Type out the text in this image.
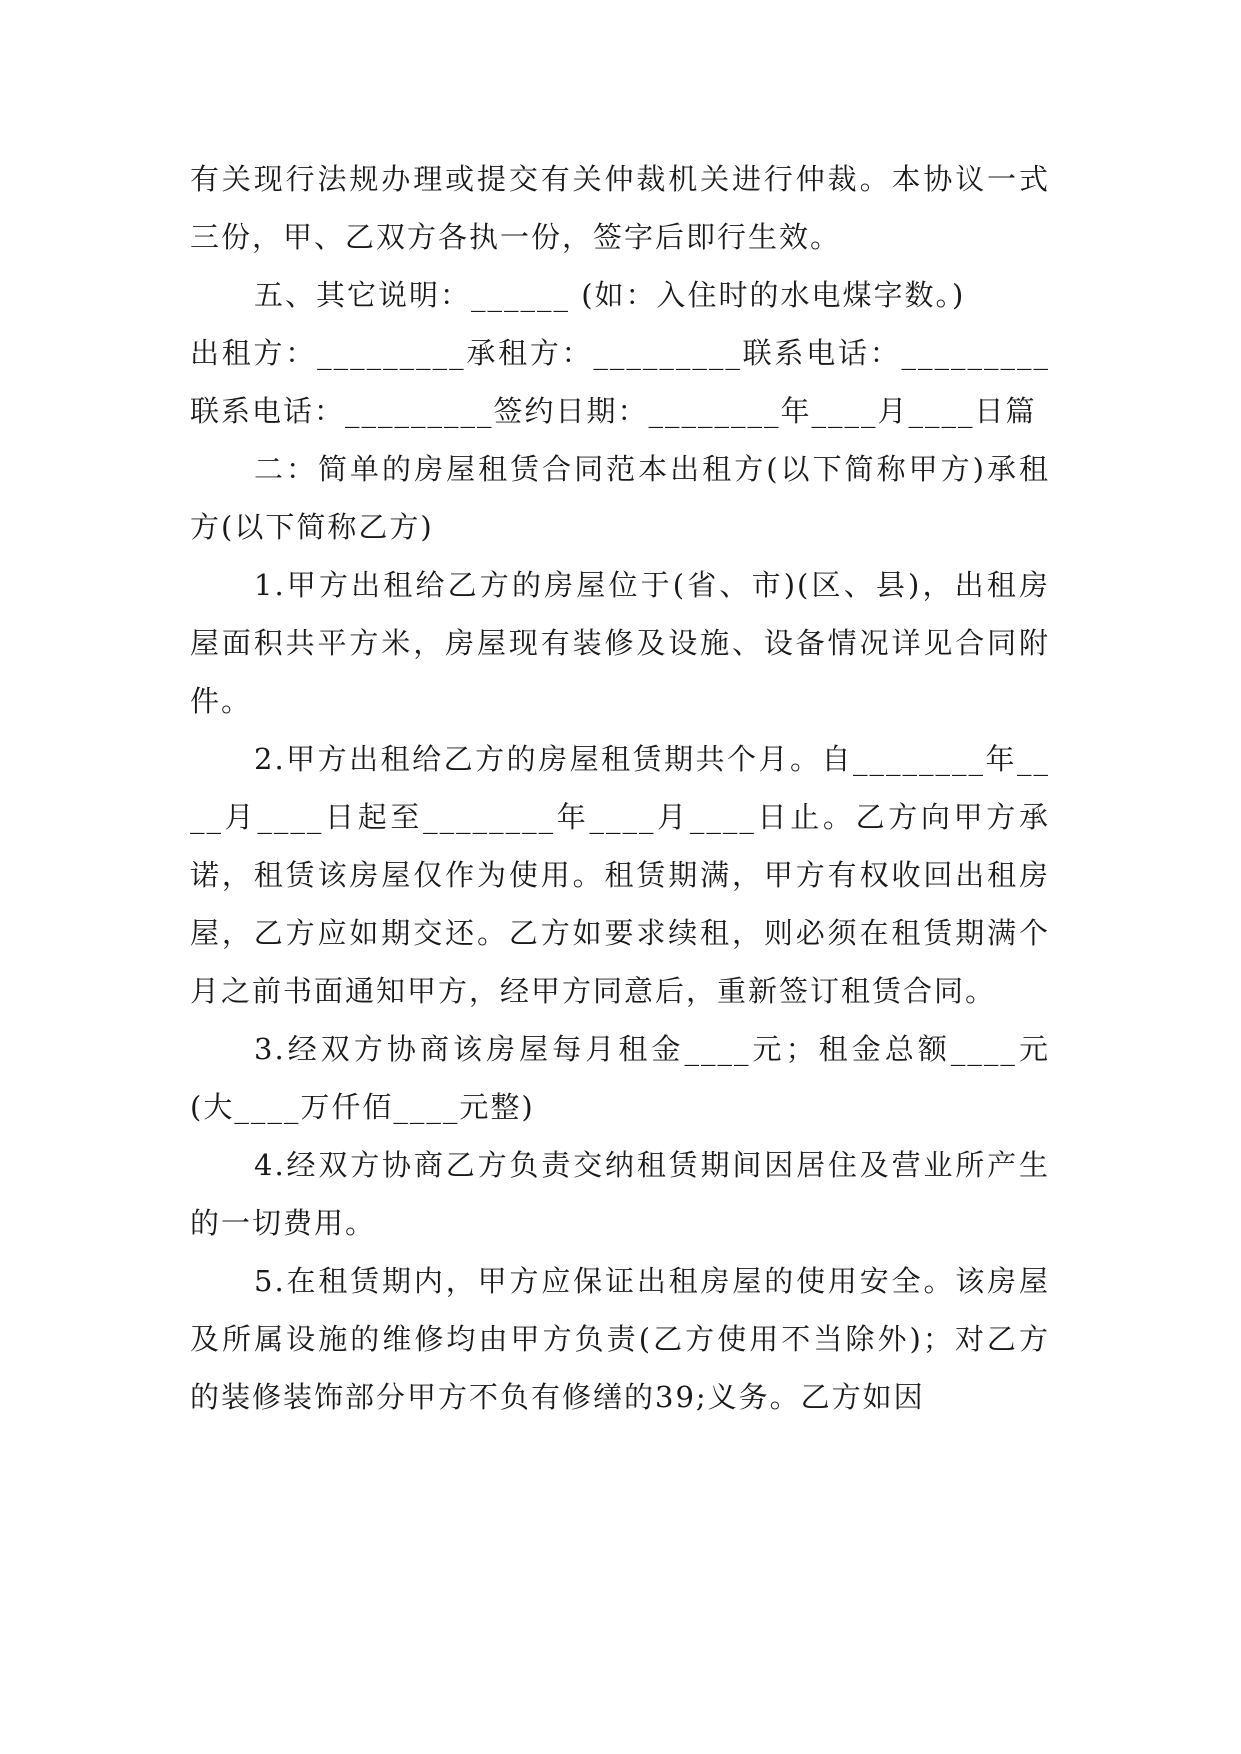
有关现行法规办理或提交有关仲裁机关进行仲裁。本协议一式三份，甲、乙双方各执一份，签字后即行生效。

五、其它说明：______ (如：入住时的水电煤字数。)

出租方：_________承租方：_________联系电话：_________联系电话：_________签约日期：________年____月____日篇

二：简单的房屋租赁合同范本出租方(以下简称甲方)承租方(以下简称乙方)

1.甲方出租给乙方的房屋位于(省、市)(区、县)，出租房屋面积共平方米，房屋现有装修及设施、设备情况详见合同附件。

2.甲方出租给乙方的房屋租赁期共个月。自________年____月____日起至________年____月____日止。乙方向甲方承诺，租赁该房屋仅作为使用。租赁期满，甲方有权收回出租房屋，乙方应如期交还。乙方如要求续租，则必须在租赁期满个月之前书面通知甲方，经甲方同意后，重新签订租赁合同。

3.经双方协商该房屋每月租金____元；租金总额____元(大____万仟佰____元整)

4.经双方协商乙方负责交纳租赁期间因居住及营业所产生的一切费用。

5.在租赁期内，甲方应保证出租房屋的使用安全。该房屋及所属设施的维修均由甲方负责(乙方使用不当除外)；对乙方的装修装饰部分甲方不负有修缮的39;义务。乙方如因
